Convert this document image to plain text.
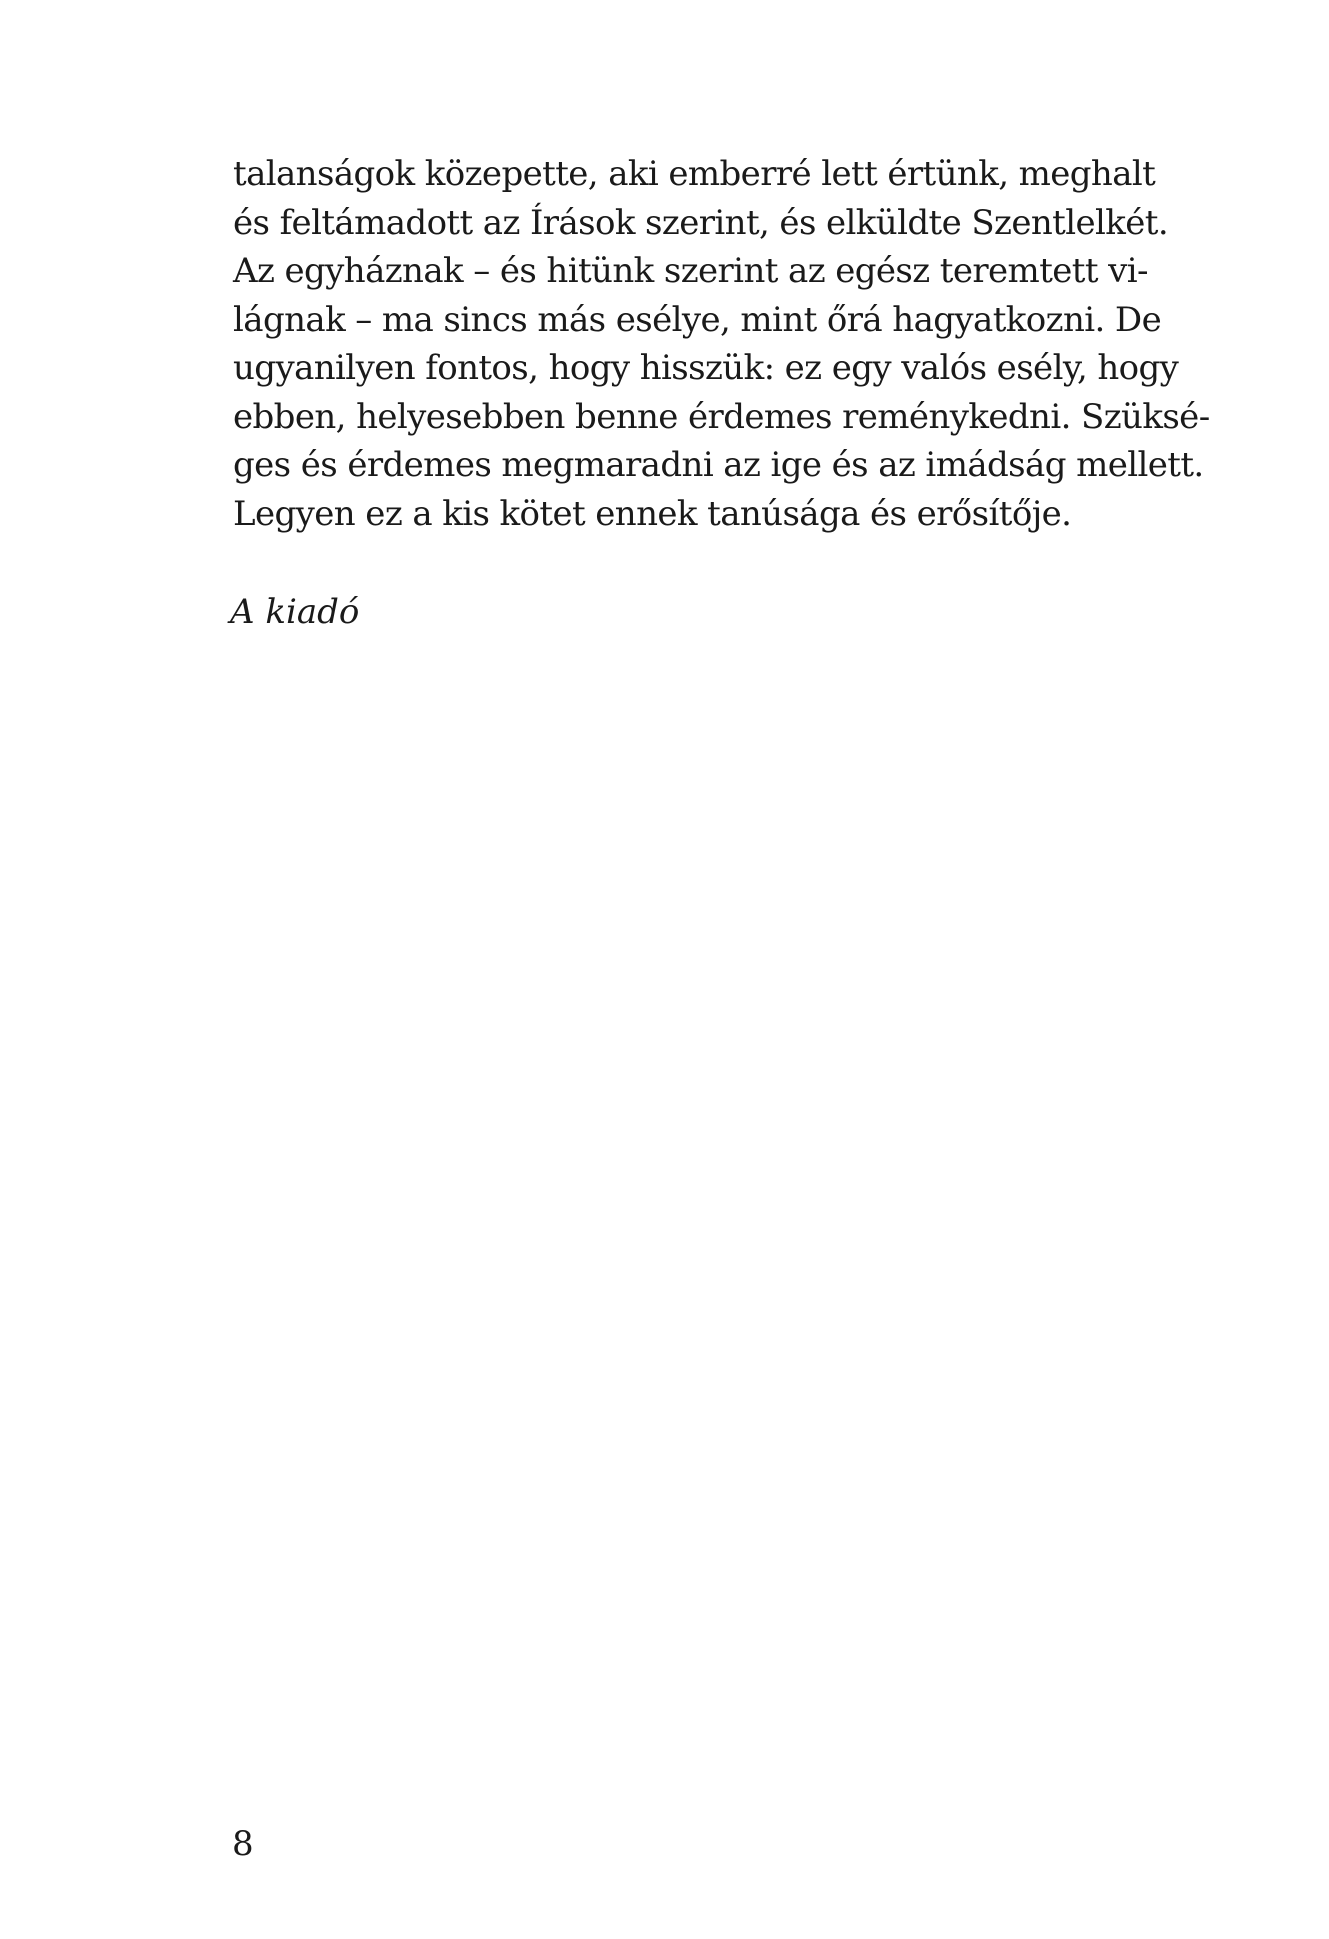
talanságok közepette, aki emberré lett értünk, meghalt
és feltámadott az Írások szerint, és elküldte Szentlelkét.
Az egyháznak – és hitünk szerint az egész teremtett vi-
lágnak – ma sincs más esélye, mint őrá hagyatkozni. De
ugyanilyen fontos, hogy hisszük: ez egy valós esély, hogy
ebben, helyesebben benne érdemes reménykedni. Szüksé-
ges és érdemes megmaradni az ige és az imádság mellett.
Legyen ez a kis kötet ennek tanúsága és erősítője.
A kiadó
8
